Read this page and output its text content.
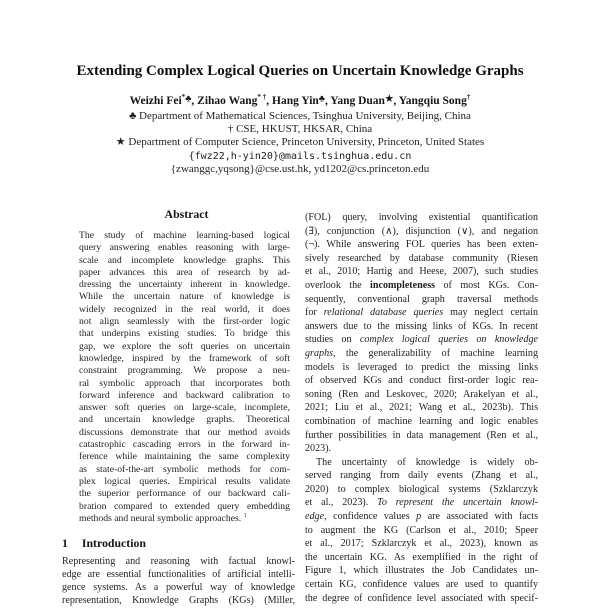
Extending Complex Logical Queries on Uncertain Knowledge Graphs
Weizhi Fei*♣, Zihao Wang* †, Hang Yin♣, Yang Duan★, Yangqiu Song†
♣ Department of Mathematical Sciences, Tsinghua University, Beijing, China
† CSE, HKUST, HKSAR, China
★ Department of Computer Science, Princeton University, Princeton, United States
{fwz22,h-yin20}@mails.tsinghua.edu.cn
{zwanggc,yqsong}@cse.ust.hk, yd1202@cs.princeton.edu
Abstract
The study of machine learning-based logical
query answering enables reasoning with large-
scale and incomplete knowledge graphs. This
paper advances this area of research by ad-
dressing the uncertainty inherent in knowledge.
While the uncertain nature of knowledge is
widely recognized in the real world, it does
not align seamlessly with the first-order logic
that underpins existing studies. To bridge this
gap, we explore the soft queries on uncertain
knowledge, inspired by the framework of soft
constraint programming. We propose a neu-
ral symbolic approach that incorporates both
forward inference and backward calibration to
answer soft queries on large-scale, incomplete,
and uncertain knowledge graphs. Theoretical
discussions demonstrate that our method avoids
catastrophic cascading errors in the forward in-
ference while maintaining the same complexity
as state-of-the-art symbolic methods for com-
plex logical queries. Empirical results validate
the superior performance of our backward cali-
bration compared to extended query embedding
methods and neural symbolic approaches. $^1$
1 Introduction
Representing and reasoning with factual knowl-
edge are essential functionalities of artificial intelli-
gence systems. As a powerful way of knowledge
representation, Knowledge Graphs (KGs) (Miller,
(FOL) query, involving existential quantification
(∃), conjunction (∧), disjunction (∨), and negation
(¬). While answering FOL queries has been exten-
sively researched by database community (Riesen
et al., 2010; Hartig and Heese, 2007), such studies
overlook the incompleteness of most KGs. Con-
sequently, conventional graph traversal methods
for relational database queries may neglect certain
answers due to the missing links of KGs. In recent
studies on complex logical queries on knowledge
graphs, the generalizability of machine learning
models is leveraged to predict the missing links
of observed KGs and conduct first-order logic rea-
soning (Ren and Leskovec, 2020; Arakelyan et al.,
2021; Liu et al., 2021; Wang et al., 2023b). This
combination of machine learning and logic enables
further possibilities in data management (Ren et al.,
2023).
The uncertainty of knowledge is widely ob-
served ranging from daily events (Zhang et al.,
2020) to complex biological systems (Szklarczyk
et al., 2023). To represent the uncertain knowl-
edge, confidence values p are associated with facts
to augment the KG (Carlson et al., 2010; Speer
et al., 2017; Szklarczyk et al., 2023), known as
the uncertain KG. As exemplified in the right of
Figure 1, which illustrates the Job Candidates un-
certain KG, confidence values are used to quantify
the degree of confidence level associated with specif-
